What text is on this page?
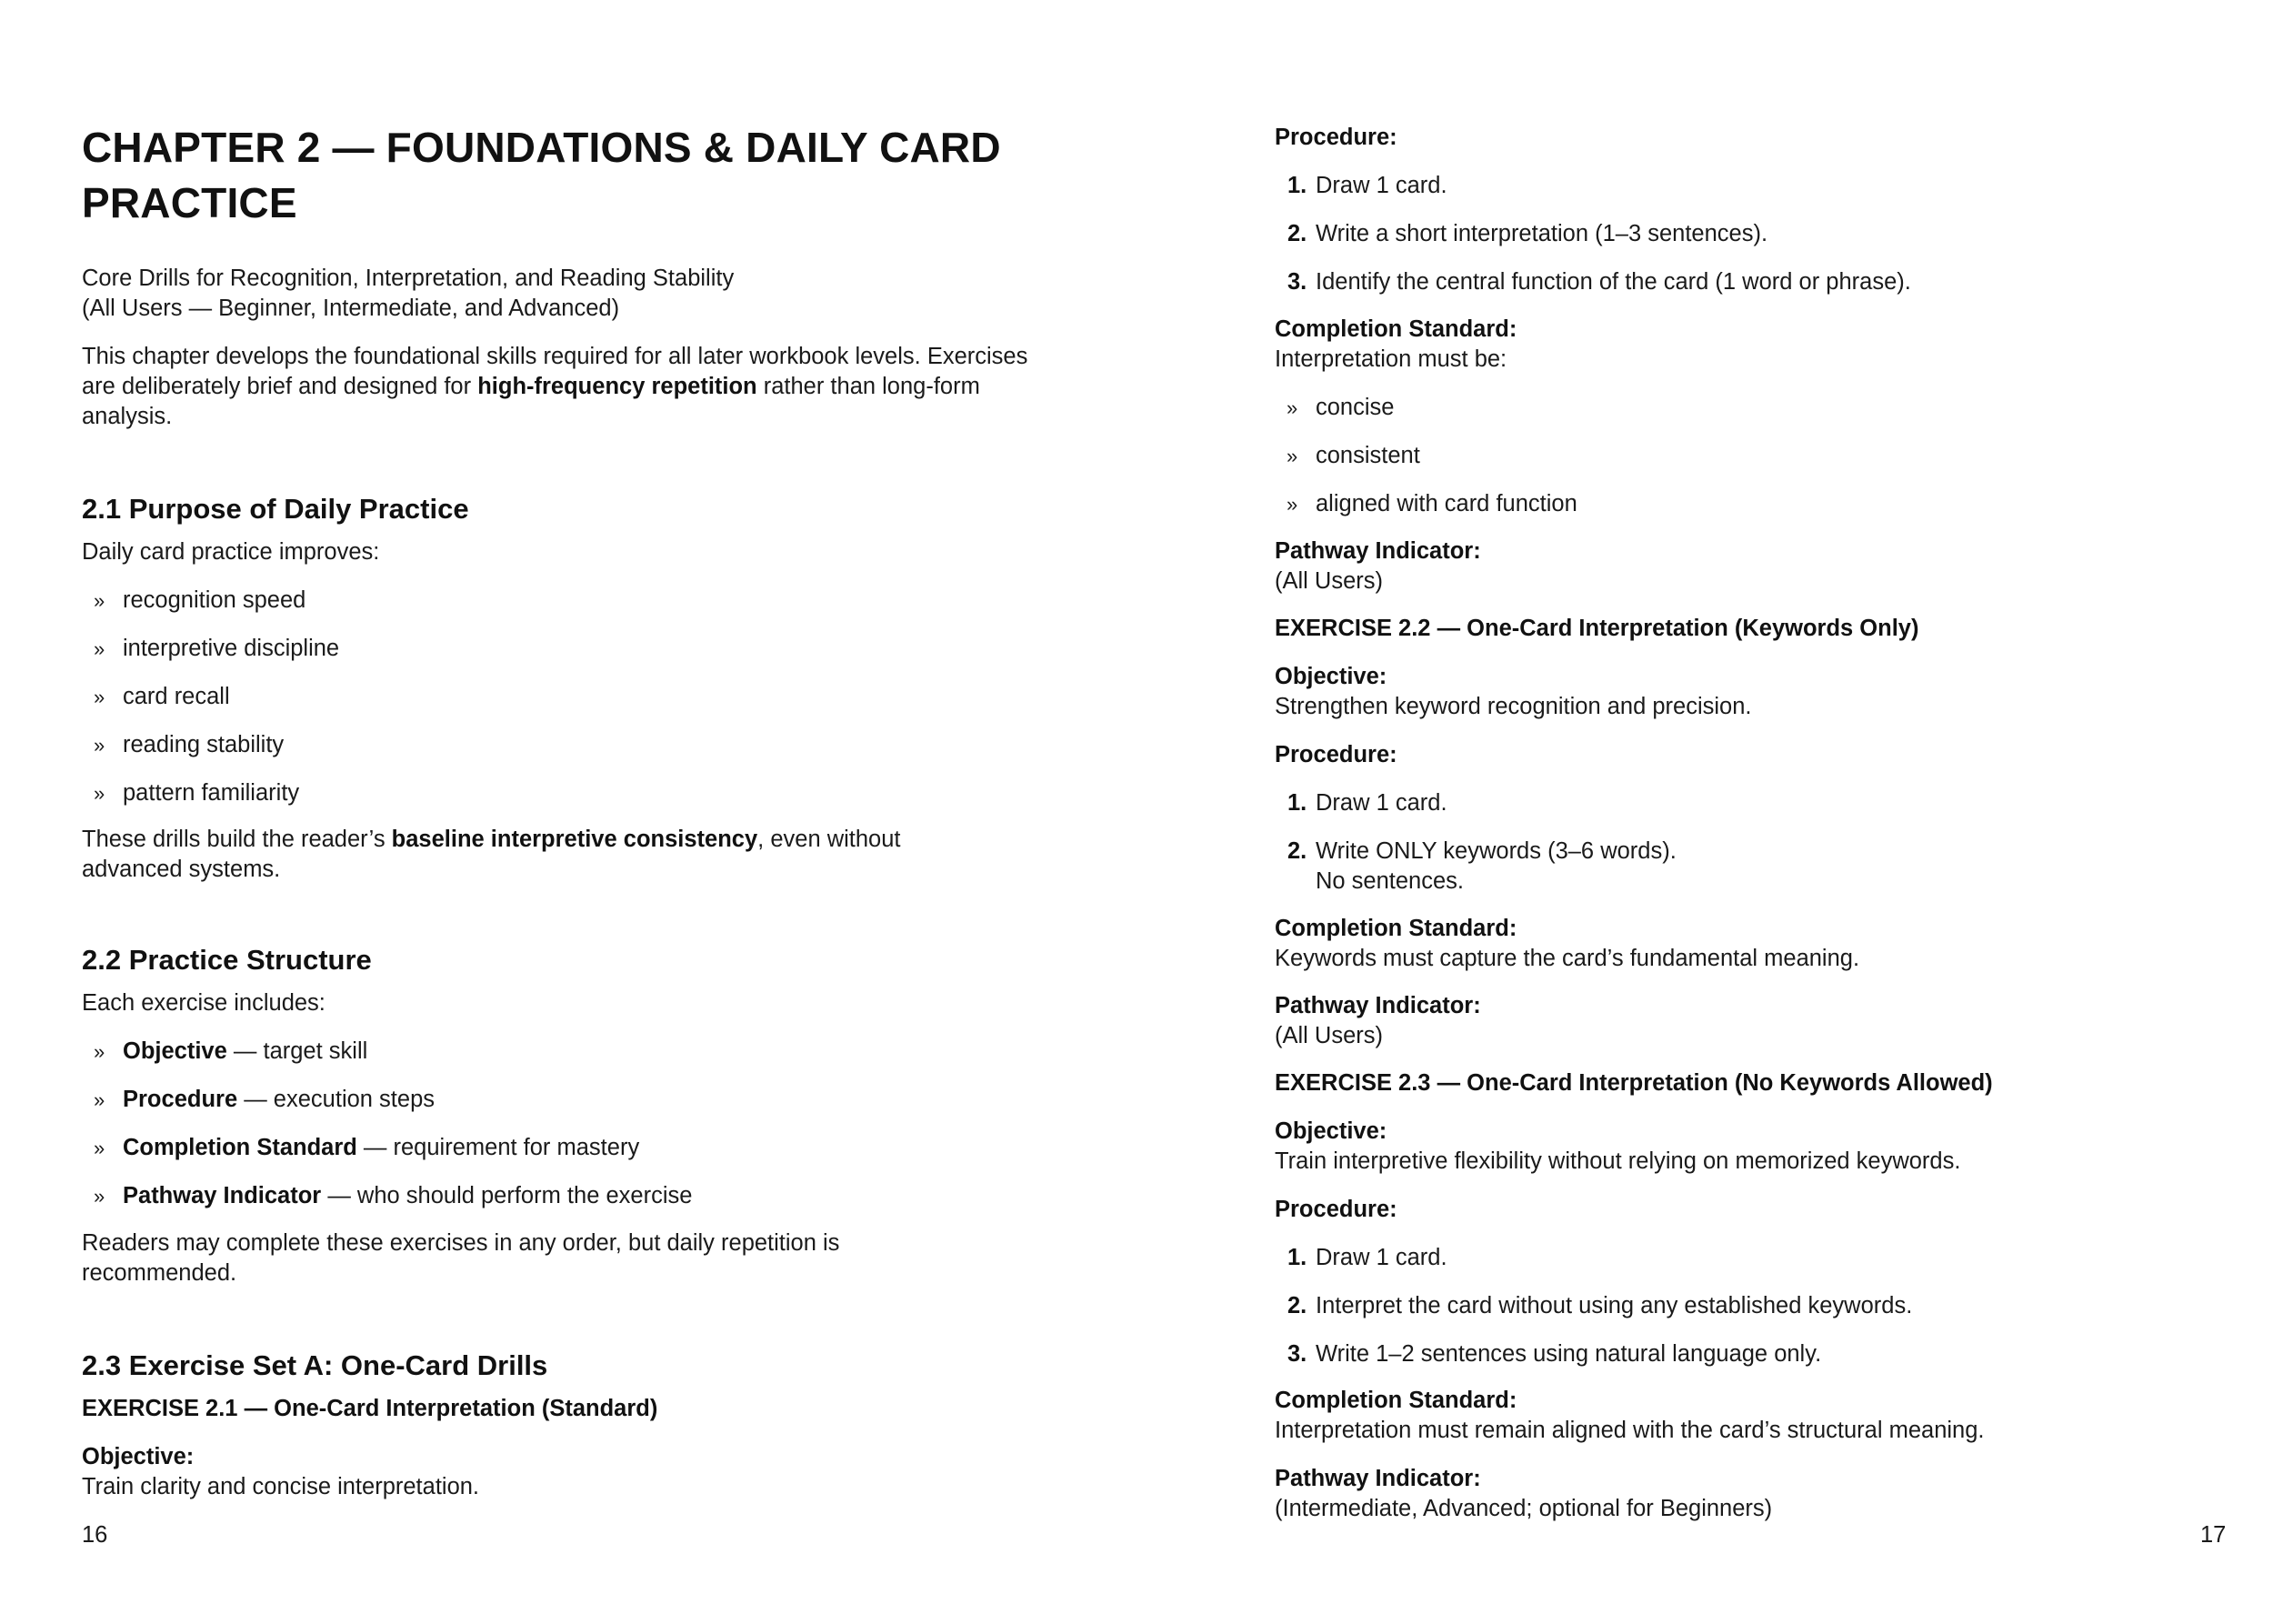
CHAPTER 2 — FOUNDATIONS & DAILY CARD PRACTICE
Core Drills for Recognition, Interpretation, and Reading Stability
(All Users — Beginner, Intermediate, and Advanced)

This chapter develops the foundational skills required for all later workbook levels. Exercises are deliberately brief and designed for high-frequency repetition rather than long-form analysis.

2.1 Purpose of Daily Practice
Daily card practice improves:
» recognition speed
» interpretive discipline
» card recall
» reading stability
» pattern familiarity

These drills build the reader’s baseline interpretive consistency, even without advanced systems.

2.2 Practice Structure
Each exercise includes:
» Objective — target skill
» Procedure — execution steps
» Completion Standard — requirement for mastery
» Pathway Indicator — who should perform the exercise

Readers may complete these exercises in any order, but daily repetition is recommended.

2.3 Exercise Set A: One-Card Drills
EXERCISE 2.1 — One-Card Interpretation (Standard)
Objective:
Train clarity and concise interpretation.
16
Procedure:
1. Draw 1 card.
2. Write a short interpretation (1–3 sentences).
3. Identify the central function of the card (1 word or phrase).
Completion Standard:
Interpretation must be:
» concise
» consistent
» aligned with card function
Pathway Indicator:
(All Users)
EXERCISE 2.2 — One-Card Interpretation (Keywords Only)
Objective:
Strengthen keyword recognition and precision.
Procedure:
1. Draw 1 card.
2. Write ONLY keywords (3–6 words).
No sentences.
Completion Standard:
Keywords must capture the card’s fundamental meaning.
Pathway Indicator:
(All Users)
EXERCISE 2.3 — One-Card Interpretation (No Keywords Allowed)
Objective:
Train interpretive flexibility without relying on memorized keywords.
Procedure:
1. Draw 1 card.
2. Interpret the card without using any established keywords.
3. Write 1–2 sentences using natural language only.
Completion Standard:
Interpretation must remain aligned with the card’s structural meaning.
Pathway Indicator:
(Intermediate, Advanced; optional for Beginners)
17
